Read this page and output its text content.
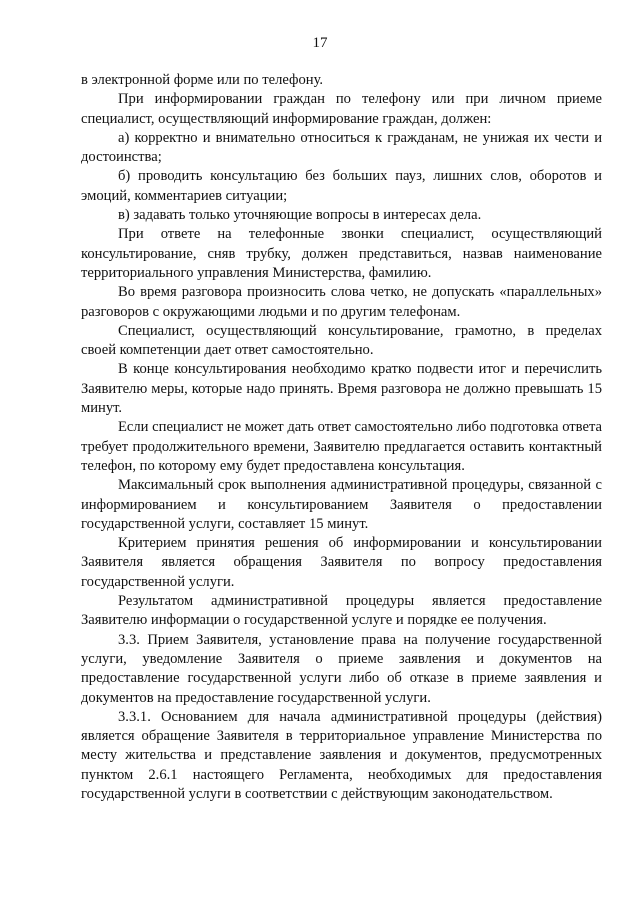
17

в электронной форме или по телефону.

При информировании граждан по телефону или при личном приеме специалист, осуществляющий информирование граждан, должен:

а) корректно и внимательно относиться к гражданам, не унижая их чести и достоинства;

б) проводить консультацию без больших пауз, лишних слов, оборотов и эмоций, комментариев ситуации;

в) задавать только уточняющие вопросы в интересах дела.

При ответе на телефонные звонки специалист, осуществляющий консультирование, сняв трубку, должен представиться, назвав наименование территориального управления Министерства, фамилию.

Во время разговора произносить слова четко, не допускать «параллельных» разговоров с окружающими людьми и по другим телефонам.

Специалист, осуществляющий консультирование, грамотно, в пределах своей компетенции дает ответ самостоятельно.

В конце консультирования необходимо кратко подвести итог и перечислить Заявителю меры, которые надо принять. Время разговора не должно превышать 15 минут.

Если специалист не может дать ответ самостоятельно либо подготовка ответа требует продолжительного времени, Заявителю предлагается оставить контактный телефон, по которому ему будет предоставлена консультация.

Максимальный срок выполнения административной процедуры, связанной с информированием и консультированием Заявителя о предоставлении государственной услуги, составляет 15 минут.

Критерием принятия решения об информировании и консультировании Заявителя является обращения Заявителя по вопросу предоставления государственной услуги.

Результатом административной процедуры является предоставление Заявителю информации о государственной услуге и порядке ее получения.

3.3. Прием Заявителя, установление права на получение государственной услуги, уведомление Заявителя о приеме заявления и документов на предоставление государственной услуги либо об отказе в приеме заявления и документов на предоставление государственной услуги.

3.3.1. Основанием для начала административной процедуры (действия) является обращение Заявителя в территориальное управление Министерства по месту жительства и представление заявления и документов, предусмотренных пунктом 2.6.1 настоящего Регламента, необходимых для предоставления государственной услуги в соответствии с действующим законодательством.
